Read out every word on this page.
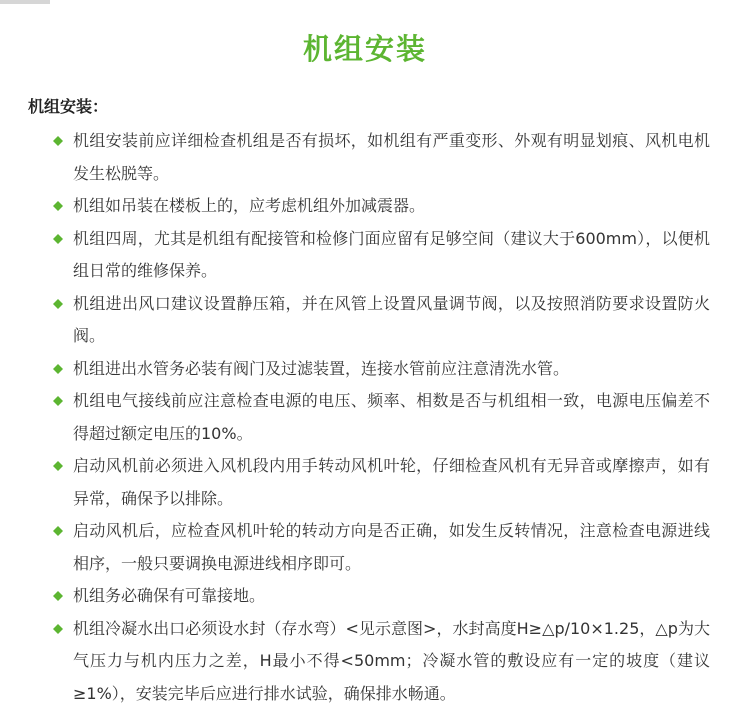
机组安装
机组安装：
机组安装前应详细检查机组是否有损坏，如机组有严重变形、外观有明显划痕、风机电机发生松脱等。
机组如吊装在楼板上的，应考虑机组外加减震器。
机组四周，尤其是机组有配接管和检修门面应留有足够空间（建议大于600mm），以便机组日常的维修保养。
机组进出风口建议设置静压箱，并在风管上设置风量调节阀，以及按照消防要求设置防火阀。
机组进出水管务必装有阀门及过滤装置，连接水管前应注意清洗水管。
机组电气接线前应注意检查电源的电压、频率、相数是否与机组相一致，电源电压偏差不得超过额定电压的10%。
启动风机前必须进入风机段内用手转动风机叶轮，仔细检查风机有无异音或摩擦声，如有异常，确保予以排除。
启动风机后，应检查风机叶轮的转动方向是否正确，如发生反转情况，注意检查电源进线相序，一般只要调换电源进线相序即可。
机组务必确保有可靠接地。
机组冷凝水出口必须设水封（存水弯）<见示意图>，水封高度H≥△p/10×1.25，△p为大气压力与机内压力之差，H最小不得<50mm；冷凝水管的敷设应有一定的坡度（建议≥1%），安装完毕后应进行排水试验，确保排水畅通。
